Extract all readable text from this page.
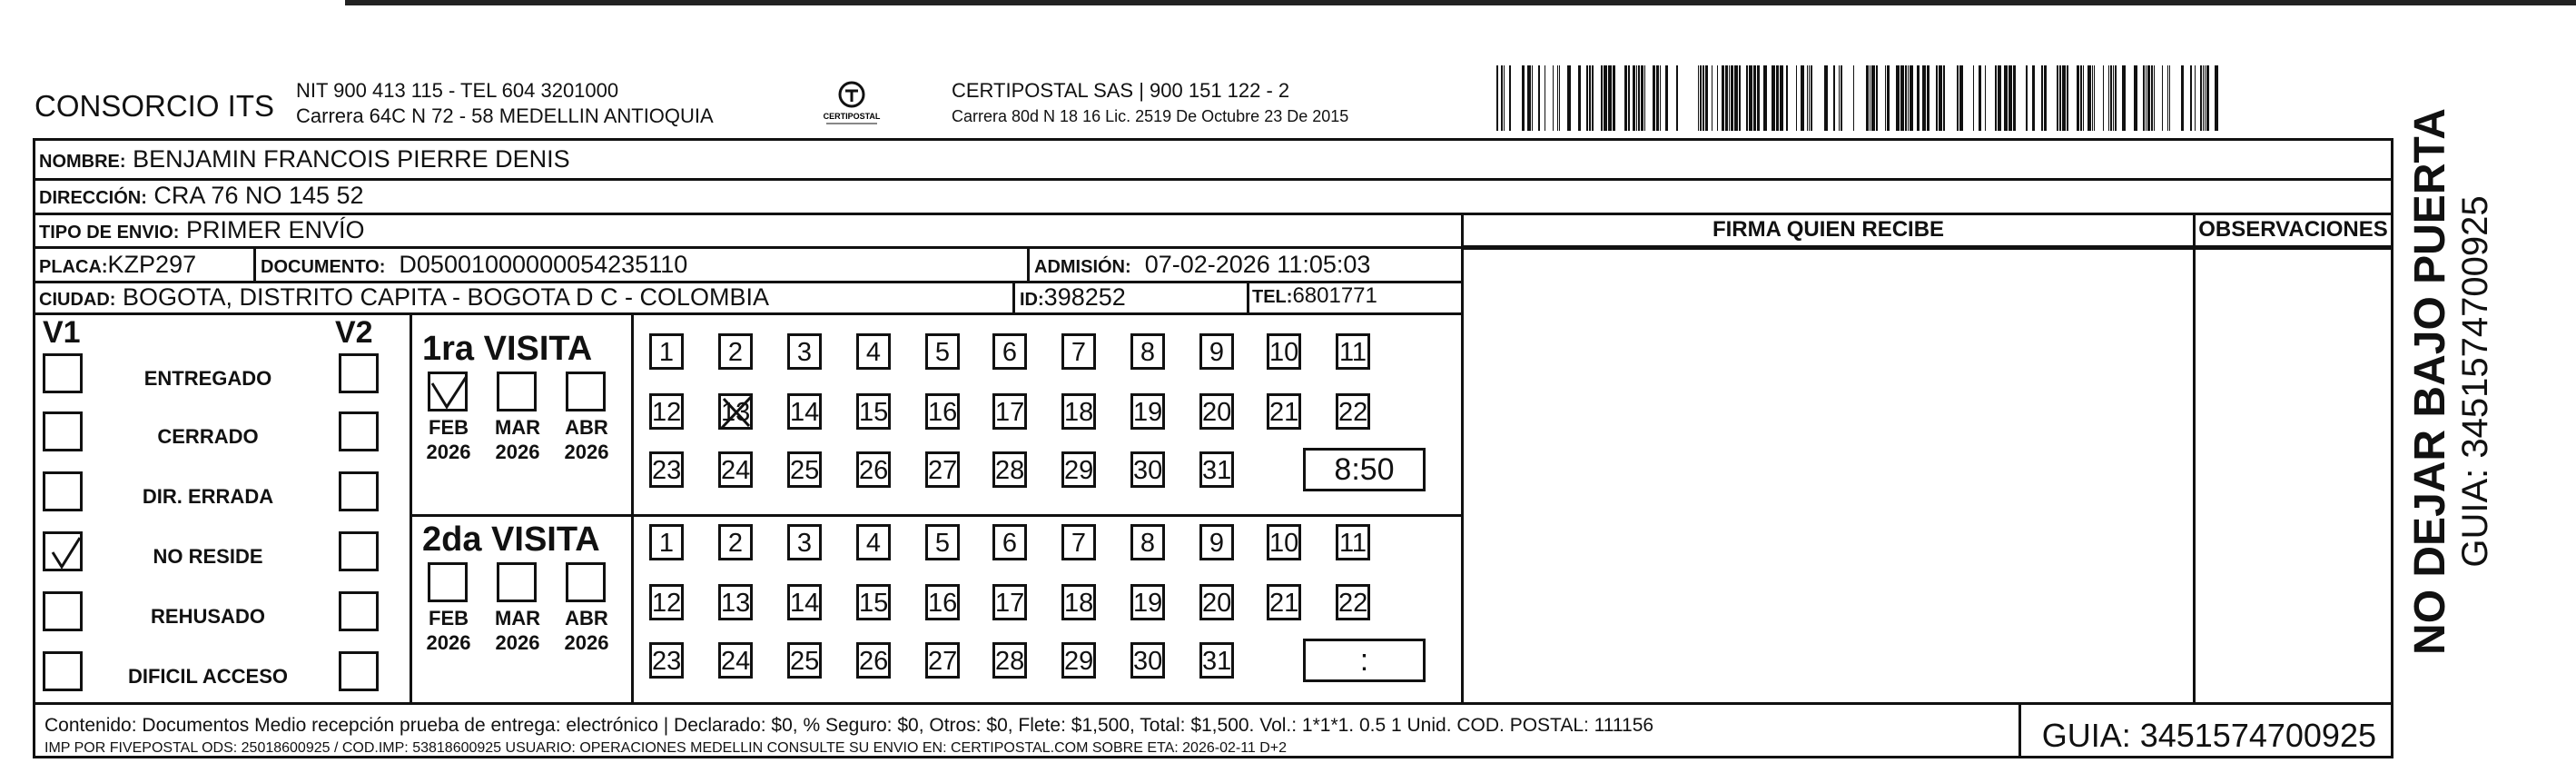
CONSORCIO ITS NIT 900 413 115 - TEL 604 3201000
Carrera 64C N 72 - 58 MEDELLIN ANTIOQUIA	CERTIPOSTAL
CERTIPOSTAL SAS | 900 151 122 - 2
Carrera 80d N 18 16 Lic. 2519 De Octubre 23 De 2015
NOMBRE: BENJAMIN FRANCOIS PIERRE DENIS
DIRECCIÓN: CRA 76 NO 145 52
TIPO DE ENVIO: PRIMER ENVÍO
PLACA:KZP297	DOCUMENTO: D05001000000054235110	ADMISIÓN: 07-02-2026 11:05:03
CIUDAD: BOGOTA, DISTRITO CAPITA - BOGOTA D C - COLOMBIA	ID:398252	TEL:6801771
FIRMA QUIEN RECIBE	OBSERVACIONES
V1	V2
ENTREGADO
CERRADO
DIR. ERRADA
NO RESIDE
REHUSADO
DIFICIL ACCESO
1ra VISITA
2da VISITA
FEB
2026
MAR
2026
ABR
2026
1	2	3	4	5	6	7	8	9	10 11
12 13 14 15 16 17 18 19 20 21 22
23 24 25 26 27 28 29 30 31	8:50
FEB
2026
MAR
2026
ABR
2026
1	2	3	4	5	6	7	8	9	10 11
12 13 14 15 16 17 18 19 20 21 22
23 24 25 26 27 28 29 30 31	:
Contenido: Documentos Medio recepción prueba de entrega: electrónico | Declarado: $0, % Seguro: $0, Otros: $0, Flete: $1,500, Total: $1,500. Vol.: 1*1*1. 0.5 1 Unid. COD. POSTAL: 111156
IMP POR FIVEPOSTAL ODS: 25018600925 / COD.IMP: 53818600925 USUARIO: OPERACIONES MEDELLIN CONSULTE SU ENVIO EN: CERTIPOSTAL.COM SOBRE ETA: 2026-02-11 D+2	GUIA: 3451574700925
NO DEJAR BAJO PUERTA GUIA: 3451574700925
